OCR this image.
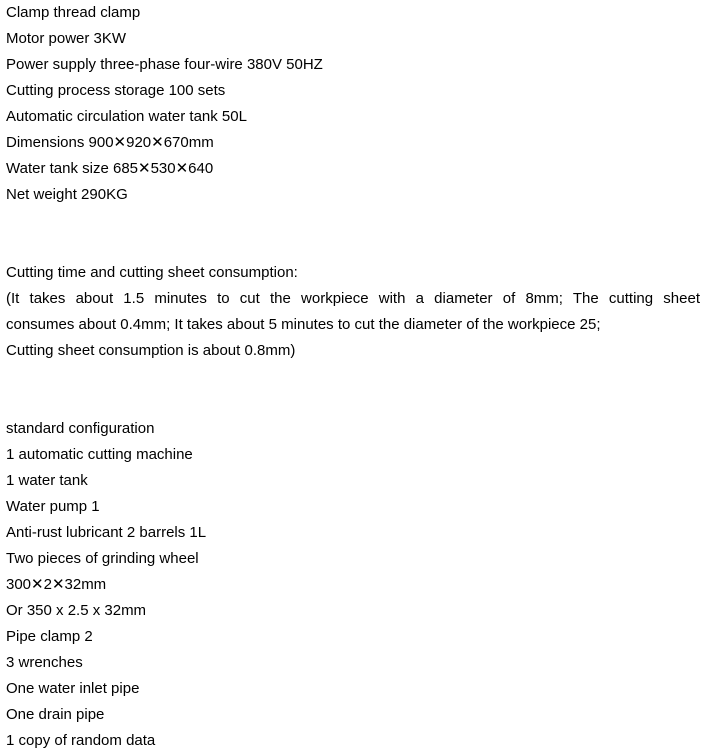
Clamp thread clamp
Motor power 3KW
Power supply three-phase four-wire 380V 50HZ
Cutting process storage 100 sets
Automatic circulation water tank 50L
Dimensions 900✕920✕670mm
Water tank size 685✕530✕640
Net weight 290KG
Cutting time and cutting sheet consumption:
(It takes about 1.5 minutes to cut the workpiece with a diameter of 8mm; The cutting sheet
consumes about 0.4mm; It takes about 5 minutes to cut the diameter of the workpiece 25;
Cutting sheet consumption is about 0.8mm)
standard configuration
1 automatic cutting machine
1 water tank
Water pump 1
Anti-rust lubricant 2 barrels 1L
Two pieces of grinding wheel
300✕2✕32mm
Or 350 x 2.5 x 32mm
Pipe clamp 2
3 wrenches
One water inlet pipe
One drain pipe
1 copy of random data
